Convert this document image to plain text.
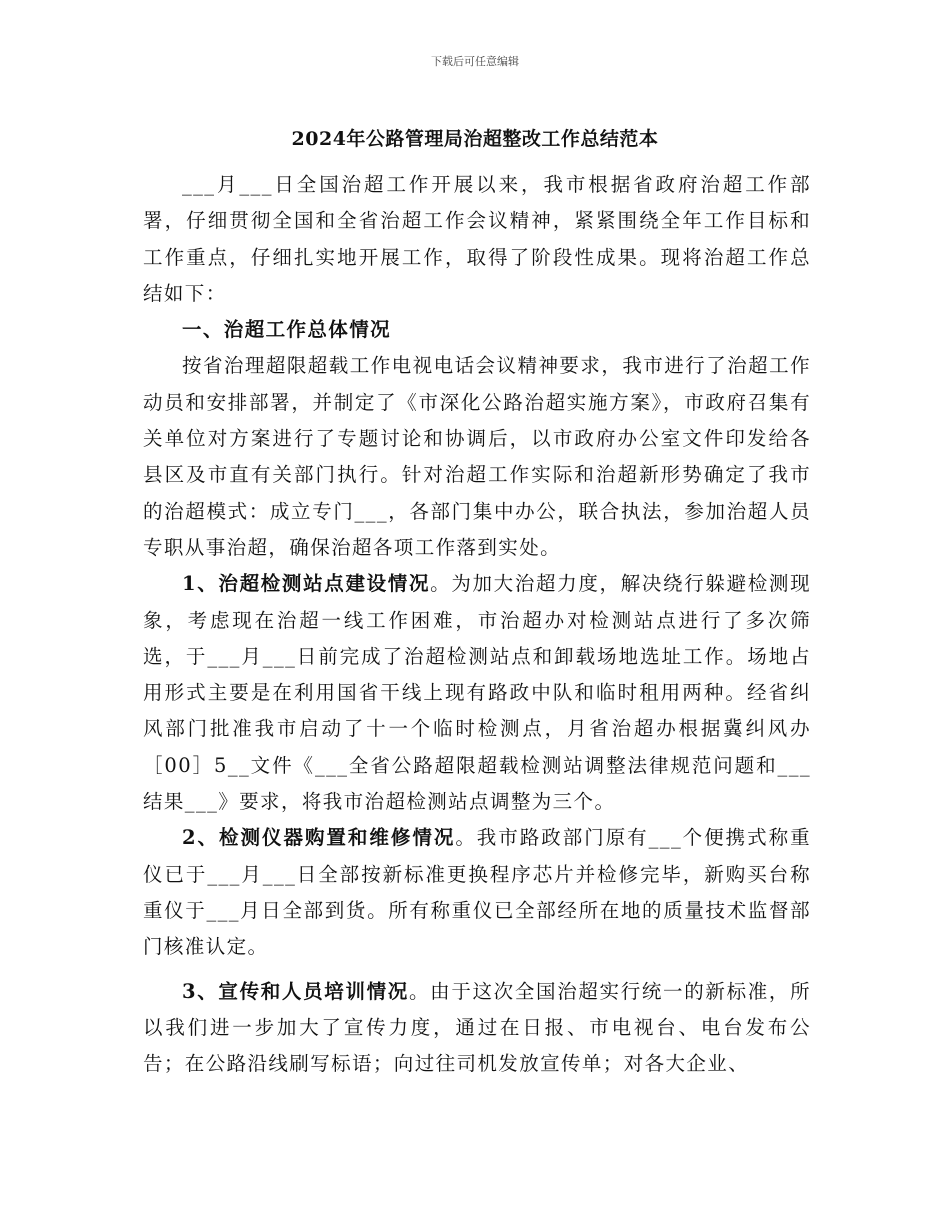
下载后可任意编辑
2024年公路管理局治超整改工作总结范本

___月___日全国治超工作开展以来，我市根据省政府治超工作部署，仔细贯彻全国和全省治超工作会议精神，紧紧围绕全年工作目标和工作重点，仔细扎实地开展工作，取得了阶段性成果。现将治超工作总结如下：

一、治超工作总体情况

按省治理超限超载工作电视电话会议精神要求，我市进行了治超工作动员和安排部署，并制定了《市深化公路治超实施方案》，市政府召集有关单位对方案进行了专题讨论和协调后，以市政府办公室文件印发给各县区及市直有关部门执行。针对治超工作实际和治超新形势确定了我市的治超模式：成立专门___，各部门集中办公，联合执法，参加治超人员专职从事治超，确保治超各项工作落到实处。

1、治超检测站点建设情况。为加大治超力度，解决绕行躲避检测现象，考虑现在治超一线工作困难，市治超办对检测站点进行了多次筛选，于___月___日前完成了治超检测站点和卸载场地选址工作。场地占用形式主要是在利用国省干线上现有路政中队和临时租用两种。经省纠风部门批准我市启动了十一个临时检测点，月省治超办根据冀纠风办［00］5__文件《___全省公路超限超载检测站调整法律规范问题和___结果___》要求，将我市治超检测站点调整为三个。

2、检测仪器购置和维修情况。我市路政部门原有___个便携式称重仪已于___月___日全部按新标准更换程序芯片并检修完毕，新购买台称重仪于___月日全部到货。所有称重仪已全部经所在地的质量技术监督部门核准认定。

3、宣传和人员培训情况。由于这次全国治超实行统一的新标准，所以我们进一步加大了宣传力度，通过在日报、市电视台、电台发布公告；在公路沿线刷写标语；向过往司机发放宣传单；对各大企业、
